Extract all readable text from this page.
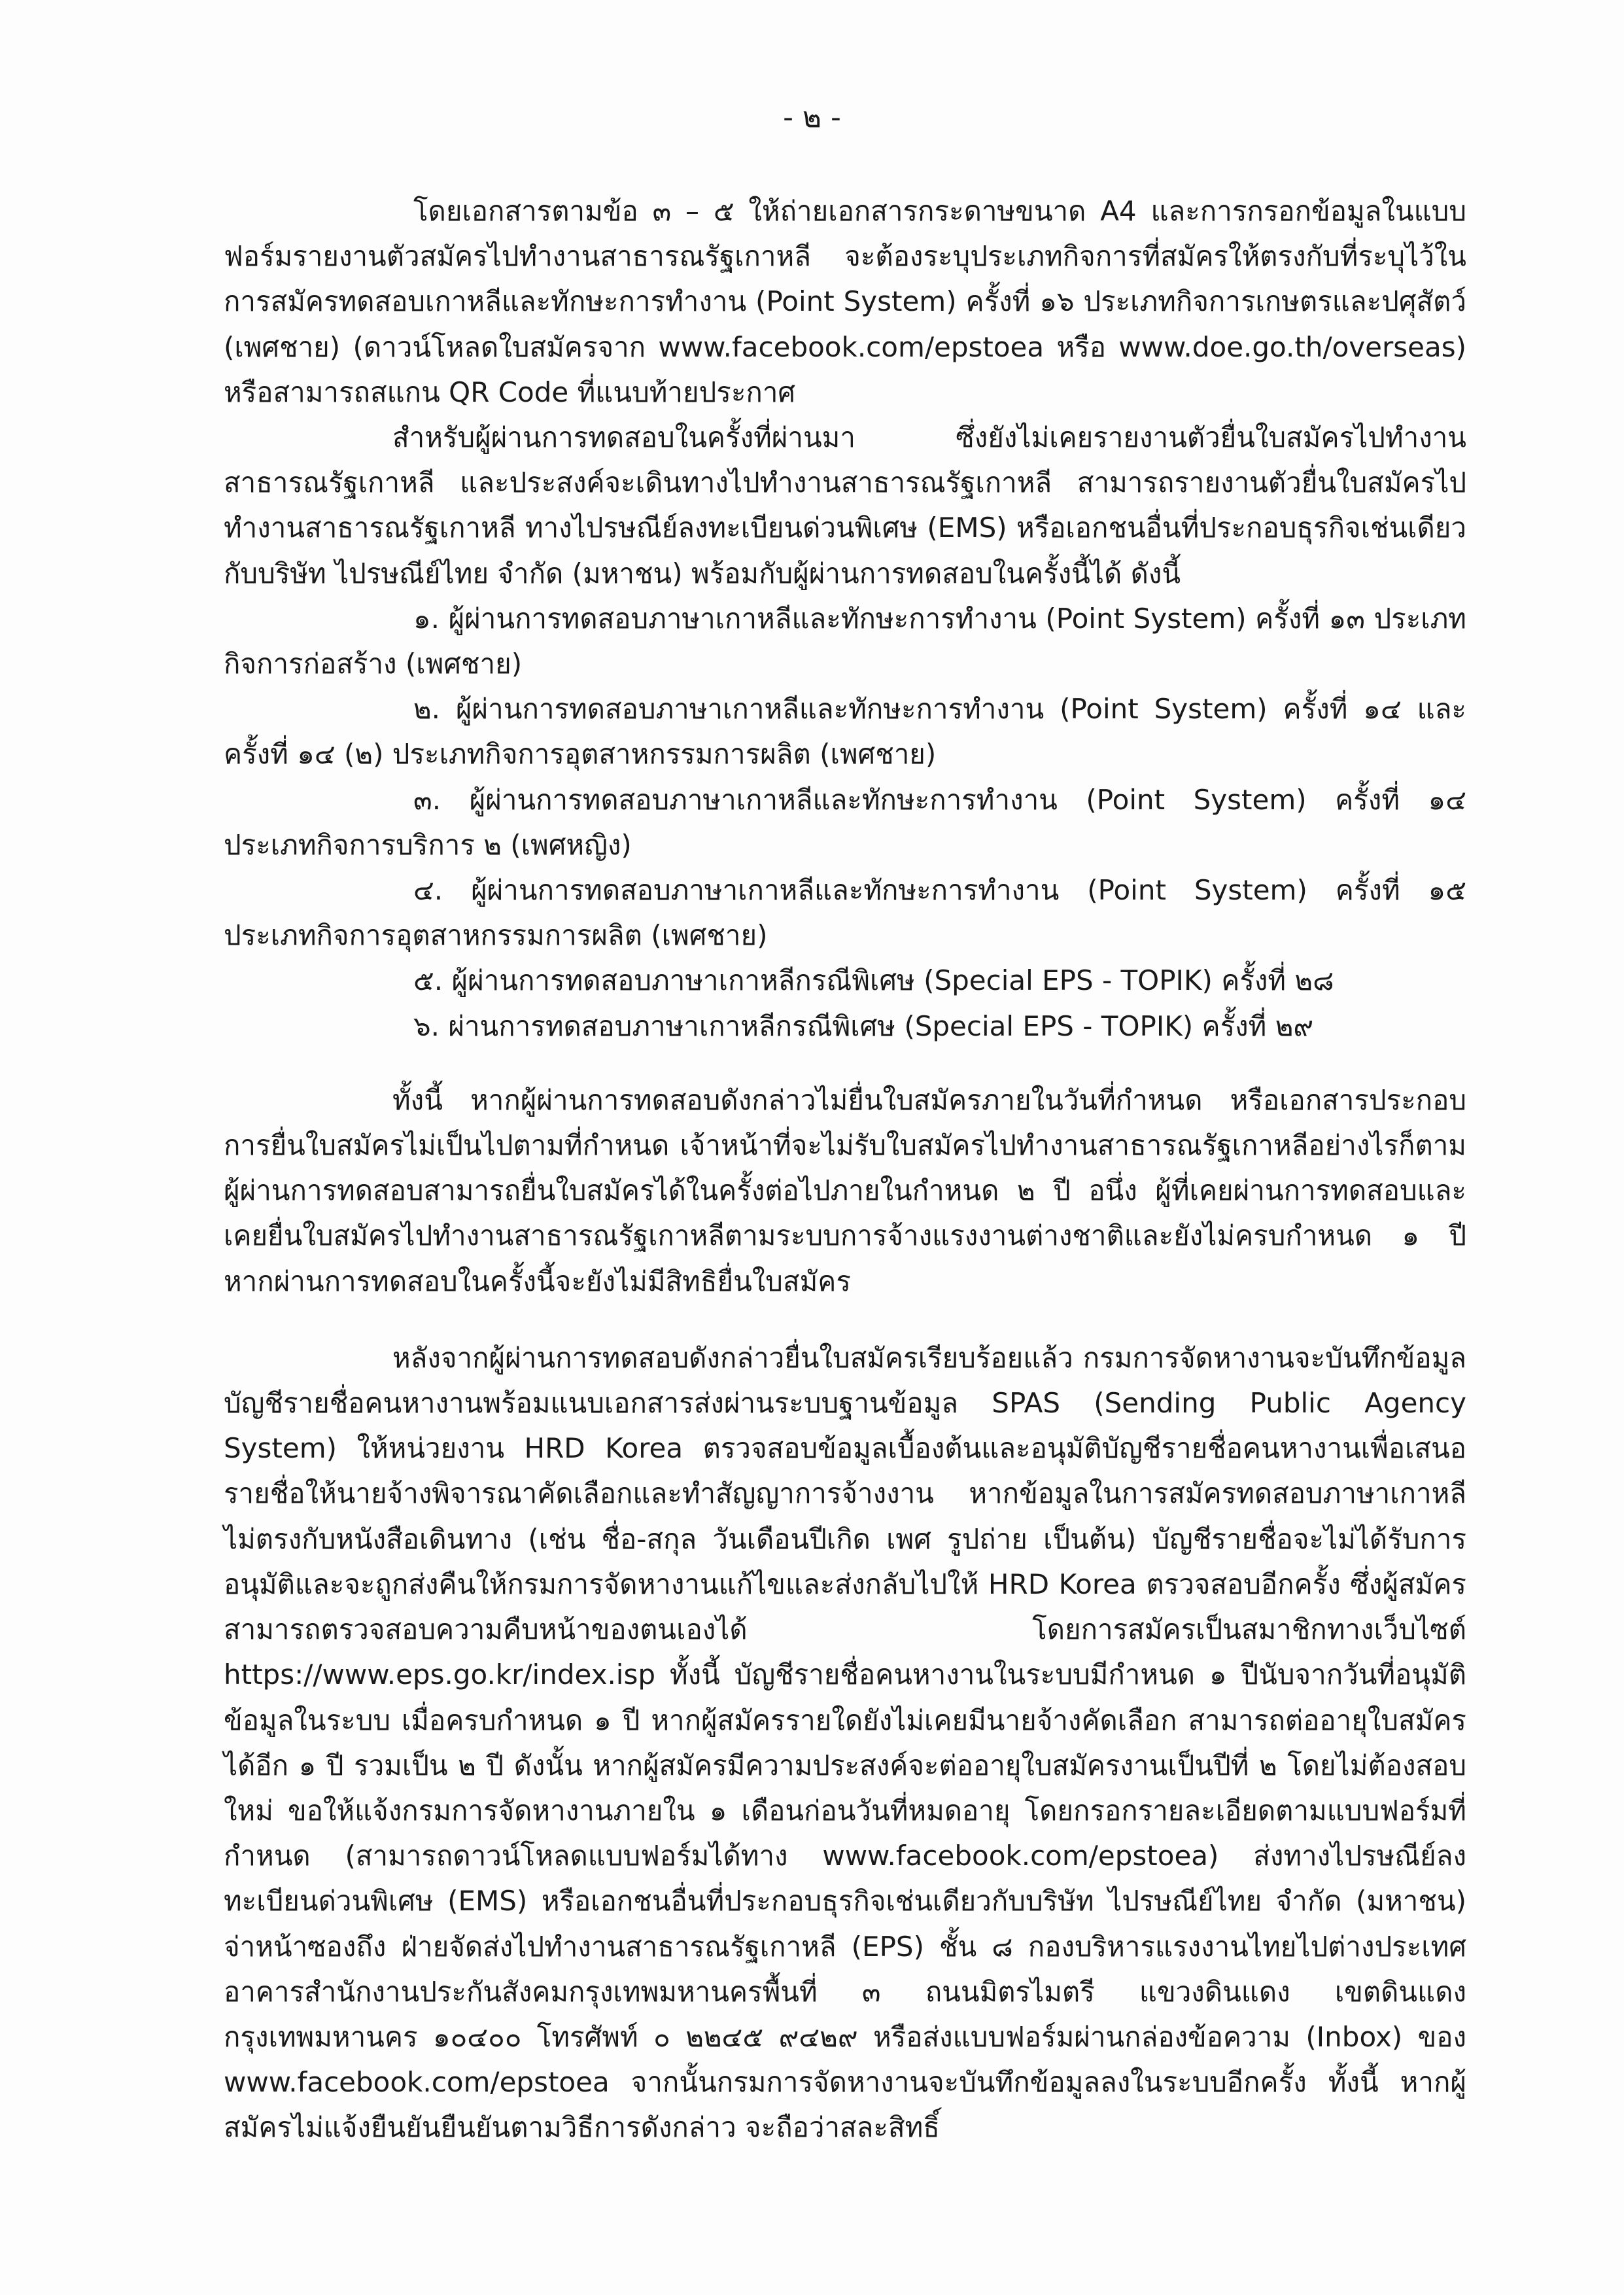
- ๒ -

โดยเอกสารตามข้อ ๓ – ๕ ให้ถ่ายเอกสารกระดาษขนาด A4 และการกรอกข้อมูลในแบบฟอร์มรายงานตัวสมัครไปทำงานสาธารณรัฐเกาหลี จะต้องระบุประเภทกิจการที่สมัครให้ตรงกับที่ระบุไว้ในการสมัครทดสอบเกาหลีและทักษะการทำงาน (Point System) ครั้งที่ ๑๖ ประเภทกิจการเกษตรและปศุสัตว์ (เพศชาย) (ดาวน์โหลดใบสมัครจาก www.facebook.com/epstoea หรือ www.doe.go.th/overseas) หรือสามารถสแกน QR Code ที่แนบท้ายประกาศ

สำหรับผู้ผ่านการทดสอบในครั้งที่ผ่านมา ซึ่งยังไม่เคยรายงานตัวยื่นใบสมัครไปทำงานสาธารณรัฐเกาหลี และประสงค์จะเดินทางไปทำงานสาธารณรัฐเกาหลี สามารถรายงานตัวยื่นใบสมัครไปทำงานสาธารณรัฐเกาหลี ทางไปรษณีย์ลงทะเบียนด่วนพิเศษ (EMS) หรือเอกชนอื่นที่ประกอบธุรกิจเช่นเดียวกับบริษัท ไปรษณีย์ไทย จำกัด (มหาชน) พร้อมกับผู้ผ่านการทดสอบในครั้งนี้ได้ ดังนี้

๑. ผู้ผ่านการทดสอบภาษาเกาหลีและทักษะการทำงาน (Point System) ครั้งที่ ๑๓ ประเภทกิจการก่อสร้าง (เพศชาย)

๒. ผู้ผ่านการทดสอบภาษาเกาหลีและทักษะการทำงาน (Point System) ครั้งที่ ๑๔ และครั้งที่ ๑๔ (๒) ประเภทกิจการอุตสาหกรรมการผลิต (เพศชาย)

๓. ผู้ผ่านการทดสอบภาษาเกาหลีและทักษะการทำงาน (Point System) ครั้งที่ ๑๔ ประเภทกิจการบริการ ๒ (เพศหญิง)

๔. ผู้ผ่านการทดสอบภาษาเกาหลีและทักษะการทำงาน (Point System) ครั้งที่ ๑๕ ประเภทกิจการอุตสาหกรรมการผลิต (เพศชาย)

๕. ผู้ผ่านการทดสอบภาษาเกาหลีกรณีพิเศษ (Special EPS - TOPIK) ครั้งที่ ๒๘

๖. ผ่านการทดสอบภาษาเกาหลีกรณีพิเศษ (Special EPS - TOPIK) ครั้งที่ ๒๙

ทั้งนี้ หากผู้ผ่านการทดสอบดังกล่าวไม่ยื่นใบสมัครภายในวันที่กำหนด หรือเอกสารประกอบการยื่นใบสมัครไม่เป็นไปตามที่กำหนด เจ้าหน้าที่จะไม่รับใบสมัครไปทำงานสาธารณรัฐเกาหลีอย่างไรก็ตาม ผู้ผ่านการทดสอบสามารถยื่นใบสมัครได้ในครั้งต่อไปภายในกำหนด ๒ ปี อนึ่ง ผู้ที่เคยผ่านการทดสอบและเคยยื่นใบสมัครไปทำงานสาธารณรัฐเกาหลีตามระบบการจ้างแรงงานต่างชาติและยังไม่ครบกำหนด ๑ ปี หากผ่านการทดสอบในครั้งนี้จะยังไม่มีสิทธิยื่นใบสมัคร

หลังจากผู้ผ่านการทดสอบดังกล่าวยื่นใบสมัครเรียบร้อยแล้ว กรมการจัดหางานจะบันทึกข้อมูลบัญชีรายชื่อคนหางานพร้อมแนบเอกสารส่งผ่านระบบฐานข้อมูล SPAS (Sending Public Agency System) ให้หน่วยงาน HRD Korea ตรวจสอบข้อมูลเบื้องต้นและอนุมัติบัญชีรายชื่อคนหางานเพื่อเสนอรายชื่อให้นายจ้างพิจารณาคัดเลือกและทำสัญญาการจ้างงาน หากข้อมูลในการสมัครทดสอบภาษาเกาหลีไม่ตรงกับหนังสือเดินทาง (เช่น ชื่อ-สกุล วันเดือนปีเกิด เพศ รูปถ่าย เป็นต้น) บัญชีรายชื่อจะไม่ได้รับการอนุมัติและจะถูกส่งคืนให้กรมการจัดหางานแก้ไขและส่งกลับไปให้ HRD Korea ตรวจสอบอีกครั้ง ซึ่งผู้สมัครสามารถตรวจสอบความคืบหน้าของตนเองได้ โดยการสมัครเป็นสมาชิกทางเว็บไซต์ https://www.eps.go.kr/index.isp ทั้งนี้ บัญชีรายชื่อคนหางานในระบบมีกำหนด ๑ ปีนับจากวันที่อนุมัติข้อมูลในระบบ เมื่อครบกำหนด ๑ ปี หากผู้สมัครรายใดยังไม่เคยมีนายจ้างคัดเลือก สามารถต่ออายุใบสมัครได้อีก ๑ ปี รวมเป็น ๒ ปี ดังนั้น หากผู้สมัครมีความประสงค์จะต่ออายุใบสมัครงานเป็นปีที่ ๒ โดยไม่ต้องสอบใหม่ ขอให้แจ้งกรมการจัดหางานภายใน ๑ เดือนก่อนวันที่หมดอายุ โดยกรอกรายละเอียดตามแบบฟอร์มที่กำหนด (สามารถดาวน์โหลดแบบฟอร์มได้ทาง www.facebook.com/epstoea) ส่งทางไปรษณีย์ลงทะเบียนด่วนพิเศษ (EMS) หรือเอกชนอื่นที่ประกอบธุรกิจเช่นเดียวกับบริษัท ไปรษณีย์ไทย จำกัด (มหาชน) จ่าหน้าซองถึง ฝ่ายจัดส่งไปทำงานสาธารณรัฐเกาหลี (EPS) ชั้น ๘ กองบริหารแรงงานไทยไปต่างประเทศ อาคารสำนักงานประกันสังคมกรุงเทพมหานครพื้นที่ ๓ ถนนมิตรไมตรี แขวงดินแดง เขตดินแดง กรุงเทพมหานคร ๑๐๔๐๐ โทรศัพท์ ๐ ๒๒๔๕ ๙๔๒๙ หรือส่งแบบฟอร์มผ่านกล่องข้อความ (Inbox) ของ www.facebook.com/epstoea จากนั้นกรมการจัดหางานจะบันทึกข้อมูลลงในระบบอีกครั้ง ทั้งนี้ หากผู้สมัครไม่แจ้งยืนยันยืนยันตามวิธีการดังกล่าว จะถือว่าสละสิทธิ์
